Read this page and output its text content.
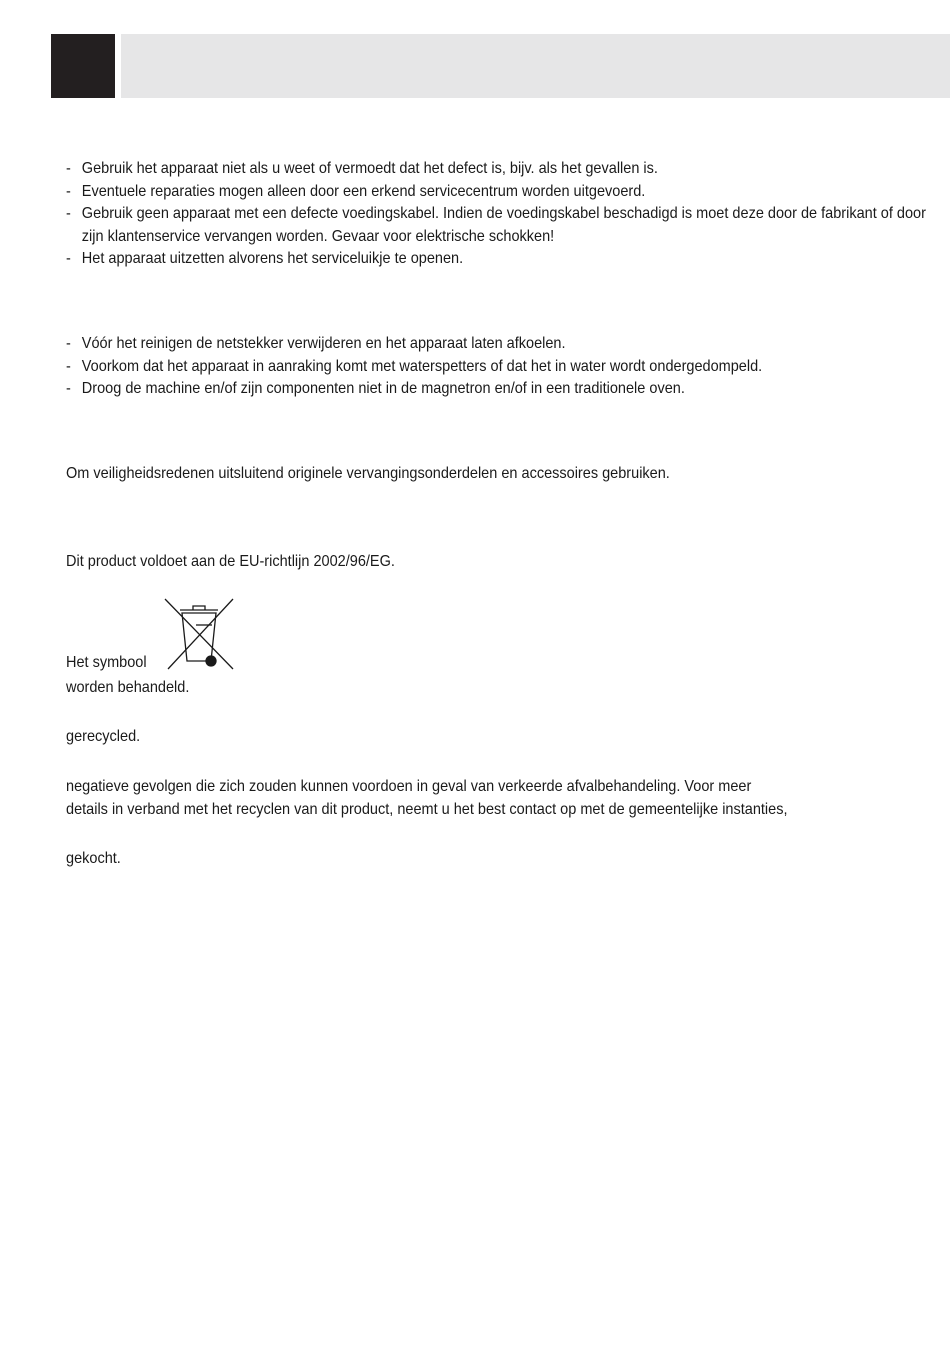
- Gebruik het apparaat niet als u weet of vermoedt dat het defect is, bijv. als het gevallen is.
- Eventuele reparaties mogen alleen door een erkend servicecentrum worden uitgevoerd.
- Gebruik geen apparaat met een defecte voedingskabel. Indien de voedingskabel beschadigd is moet deze door de fabrikant of door zijn klantenservice vervangen worden. Gevaar voor elektrische schokken!
- Het apparaat uitzetten alvorens het serviceluikje te openen.
- Vóór het reinigen de netstekker verwijderen en het apparaat laten afkoelen.
- Voorkom dat het apparaat in aanraking komt met waterspetters of dat het in water wordt ondergedompeld.
- Droog de machine en/of zijn componenten niet in de magnetron en/of in een traditionele oven.
Om veiligheidsredenen uitsluitend originele vervangingsonderdelen en accessoires gebruiken.
Dit product voldoet aan de EU-richtlijn 2002/96/EG.
Het symbool
worden behandeld.
gerecycled.
negatieve gevolgen die zich zouden kunnen voordoen in geval van verkeerde afvalbehandeling. Voor meer
details in verband met het recyclen van dit product, neemt u het best contact op met de gemeentelijke instanties,
gekocht.
